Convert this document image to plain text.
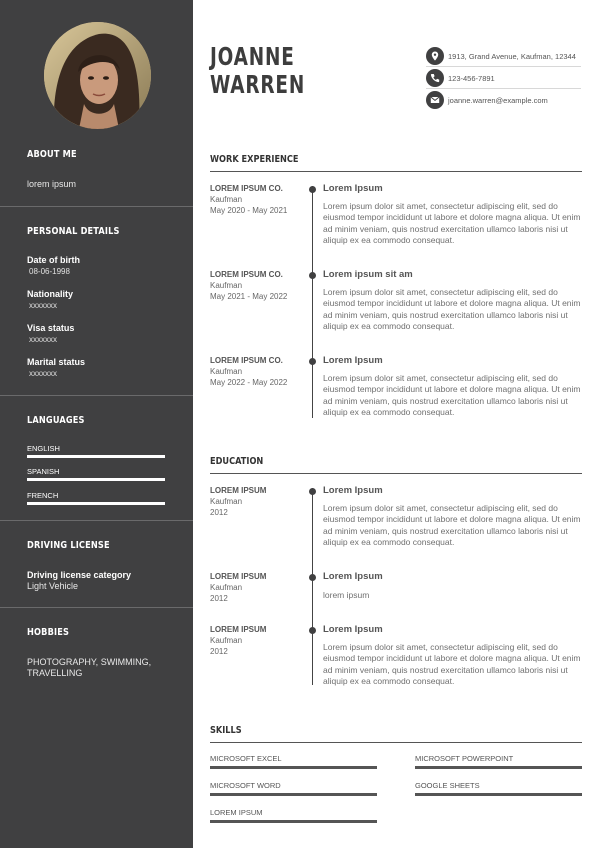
ABOUT ME
lorem ipsum
PERSONAL DETAILS
Date of birth
08-06-1998
Nationality
xxxxxxx
Visa status
xxxxxxx
Marital status
xxxxxxx
LANGUAGES
ENGLISH
SPANISH
FRENCH
DRIVING LICENSE
Driving license category
Light Vehicle
HOBBIES
PHOTOGRAPHY, SWIMMING,
TRAVELLING
JOANNE
WARREN
1913, Grand Avenue, Kaufman, 12344
123-456-7891
joanne.warren@example.com
WORK EXPERIENCE
LOREM IPSUM CO.
Kaufman
May 2020 - May 2021
Lorem Ipsum
Lorem ipsum dolor sit amet, consectetur adipiscing elit, sed do eiusmod tempor incididunt ut labore et dolore magna aliqua. Ut enim ad minim veniam, quis nostrud exercitation ullamco laboris nisi ut aliquip ex ea commodo consequat.
LOREM IPSUM CO.
Kaufman
May 2021 - May 2022
Lorem ipsum sit am
Lorem ipsum dolor sit amet, consectetur adipiscing elit, sed do eiusmod tempor incididunt ut labore et dolore magna aliqua. Ut enim ad minim veniam, quis nostrud exercitation ullamco laboris nisi ut aliquip ex ea commodo consequat.
LOREM IPSUM CO.
Kaufman
May 2022 - May 2022
Lorem Ipsum
Lorem ipsum dolor sit amet, consectetur adipiscing elit, sed do eiusmod tempor incididunt ut labore et dolore magna aliqua. Ut enim ad minim veniam, quis nostrud exercitation ullamco laboris nisi ut aliquip ex ea commodo consequat.
EDUCATION
LOREM IPSUM
Kaufman
2012
Lorem Ipsum
Lorem ipsum dolor sit amet, consectetur adipiscing elit, sed do eiusmod tempor incididunt ut labore et dolore magna aliqua. Ut enim ad minim veniam, quis nostrud exercitation ullamco laboris nisi ut aliquip ex ea commodo consequat.
LOREM IPSUM
Kaufman
2012
Lorem Ipsum
lorem ipsum
LOREM IPSUM
Kaufman
2012
Lorem Ipsum
Lorem ipsum dolor sit amet, consectetur adipiscing elit, sed do eiusmod tempor incididunt ut labore et dolore magna aliqua. Ut enim ad minim veniam, quis nostrud exercitation ullamco laboris nisi ut aliquip ex ea commodo consequat.
SKILLS
MICROSOFT EXCEL	MICROSOFT POWERPOINT
MICROSOFT WORD	GOOGLE SHEETS
LOREM IPSUM
